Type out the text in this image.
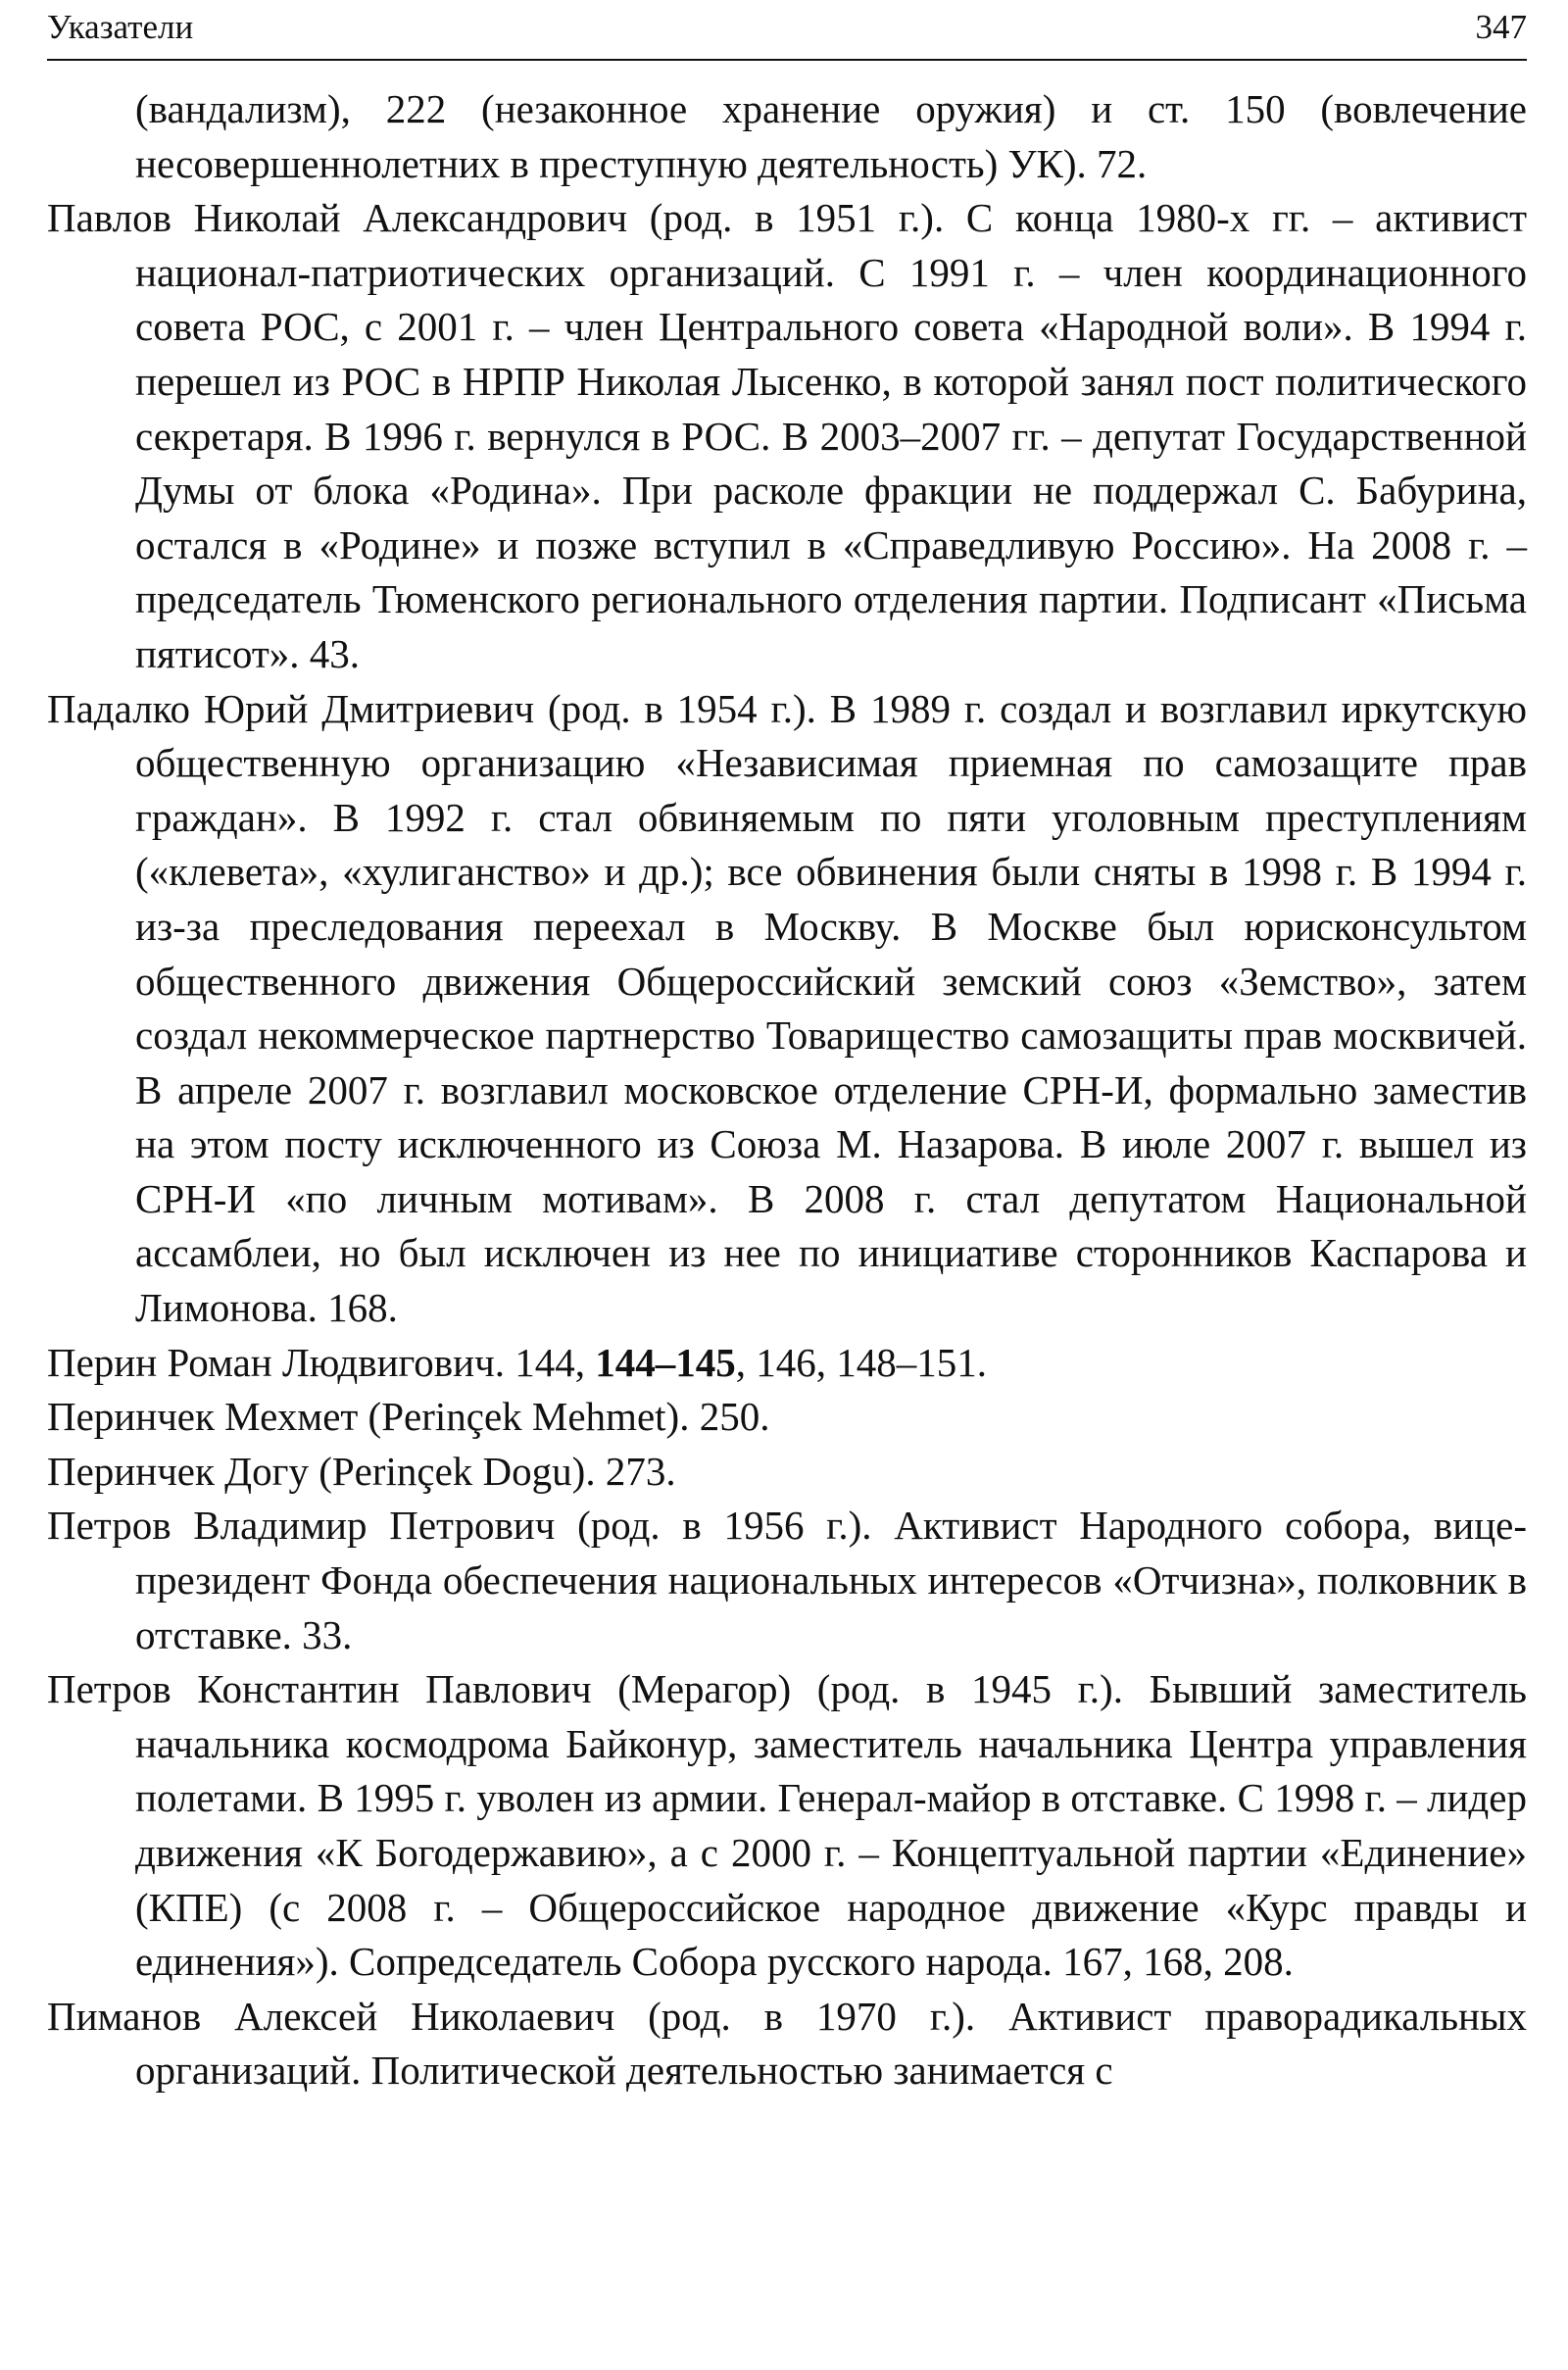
Указатели	347

(вандализм), 222 (незаконное хранение оружия) и ст. 150 (вовлечение несовершеннолетних в преступную деятельность) УК). 72.

Павлов Николай Александрович (род. в 1951 г.). С конца 1980-х гг. – активист национал-патриотических организаций. С 1991 г. – член координационного совета РОС, с 2001 г. – член Центрального совета «Народной воли». В 1994 г. перешел из РОС в НРПР Николая Лысенко, в которой занял пост политического секретаря. В 1996 г. вернулся в РОС. В 2003–2007 гг. – депутат Государственной Думы от блока «Родина». При расколе фракции не поддержал С. Бабурина, остался в «Родине» и позже вступил в «Справедливую Россию». На 2008 г. – председатель Тюменского регионального отделения партии. Подписант «Письма пятисот». 43.

Падалко Юрий Дмитриевич (род. в 1954 г.). В 1989 г. создал и возглавил иркутскую общественную организацию «Независимая приемная по самозащите прав граждан». В 1992 г. стал обвиняемым по пяти уголовным преступлениям («клевета», «хулиганство» и др.); все обвинения были сняты в 1998 г. В 1994 г. из-за преследования переехал в Москву. В Москве был юрисконсультом общественного движения Общероссийский земский союз «Земство», затем создал некоммерческое партнерство Товарищество самозащиты прав москвичей. В апреле 2007 г. возглавил московское отделение СРН-И, формально заместив на этом посту исключенного из Союза М. Назарова. В июле 2007 г. вышел из СРН-И «по личным мотивам». В 2008 г. стал депутатом Национальной ассамблеи, но был исключен из нее по инициативе сторонников Каспарова и Лимонова. 168.

Перин Роман Людвигович. 144, 144–145, 146, 148–151.

Перинчек Мехмет (Perinçek Mehmet). 250.

Перинчек Догу (Perinçek Dogu). 273.

Петров Владимир Петрович (род. в 1956 г.). Активист Народного собора, вице-президент Фонда обеспечения национальных интересов «Отчизна», полковник в отставке. 33.

Петров Константин Павлович (Мерагор) (род. в 1945 г.). Бывший заместитель начальника космодрома Байконур, заместитель начальника Центра управления полетами. В 1995 г. уволен из армии. Генерал-майор в отставке. С 1998 г. – лидер движения «К Богодержавию», а с 2000 г. – Концептуальной партии «Единение» (КПЕ) (с 2008 г. – Общероссийское народное движение «Курс правды и единения»). Сопредседатель Собора русского народа. 167, 168, 208.

Пиманов Алексей Николаевич (род. в 1970 г.). Активист праворадикальных организаций. Политической деятельностью занимается с
